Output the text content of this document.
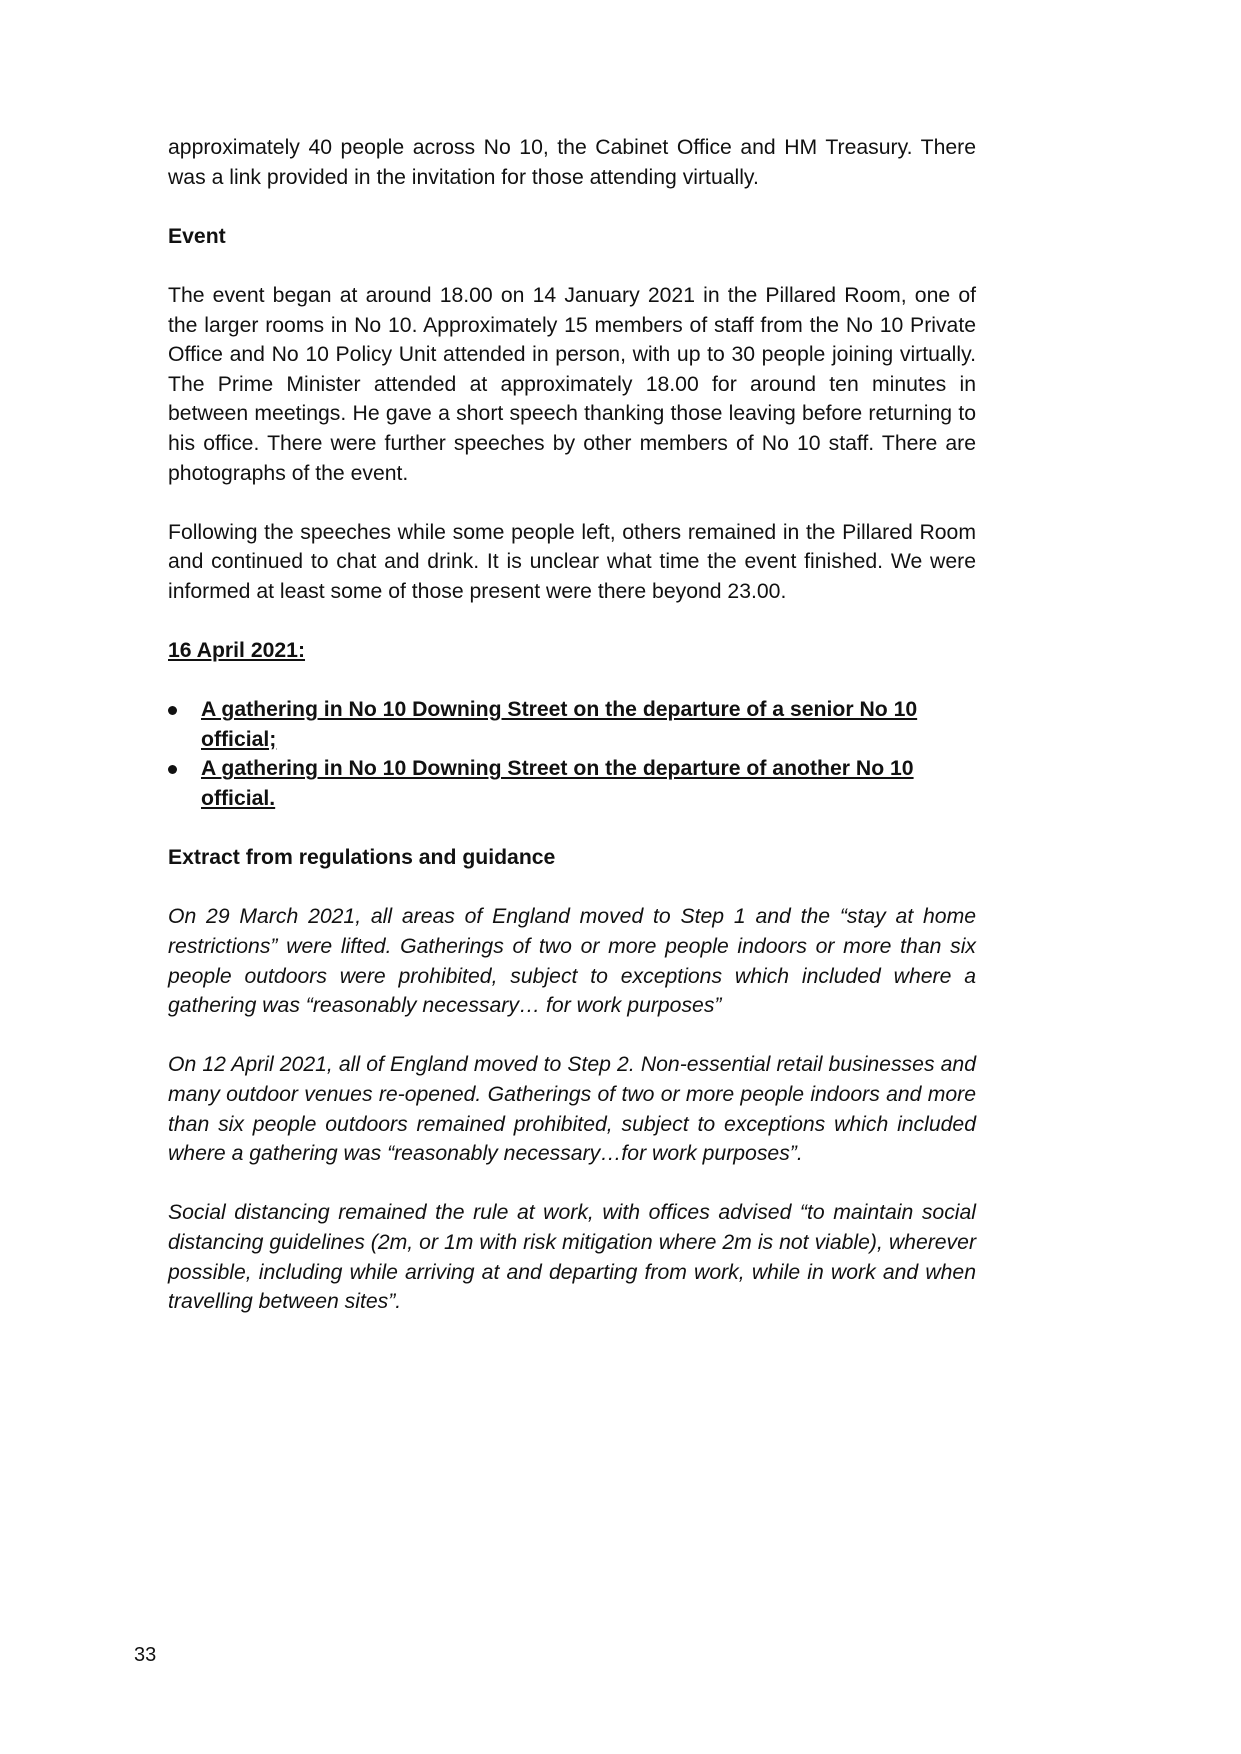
approximately 40 people across No 10, the Cabinet Office and HM Treasury. There was a link provided in the invitation for those attending virtually.

Event

The event began at around 18.00 on 14 January 2021 in the Pillared Room, one of the larger rooms in No 10. Approximately 15 members of staff from the No 10 Private Office and No 10 Policy Unit attended in person, with up to 30 people joining virtually. The Prime Minister attended at approximately 18.00 for around ten minutes in between meetings. He gave a short speech thanking those leaving before returning to his office. There were further speeches by other members of No 10 staff. There are photographs of the event.

Following the speeches while some people left, others remained in the Pillared Room and continued to chat and drink. It is unclear what time the event finished. We were informed at least some of those present were there beyond 23.00.

16 April 2021:
A gathering in No 10 Downing Street on the departure of a senior No 10 official;
A gathering in No 10 Downing Street on the departure of another No 10 official.
Extract from regulations and guidance

On 29 March 2021, all areas of England moved to Step 1 and the “stay at home restrictions” were lifted. Gatherings of two or more people indoors or more than six people outdoors were prohibited, subject to exceptions which included where a gathering was “reasonably necessary… for work purposes”

On 12 April 2021, all of England moved to Step 2. Non-essential retail businesses and many outdoor venues re-opened. Gatherings of two or more people indoors and more than six people outdoors remained prohibited, subject to exceptions which included where a gathering was “reasonably necessary…for work purposes”.

Social distancing remained the rule at work, with offices advised “to maintain social distancing guidelines (2m, or 1m with risk mitigation where 2m is not viable), wherever possible, including while arriving at and departing from work, while in work and when travelling between sites”.

33
